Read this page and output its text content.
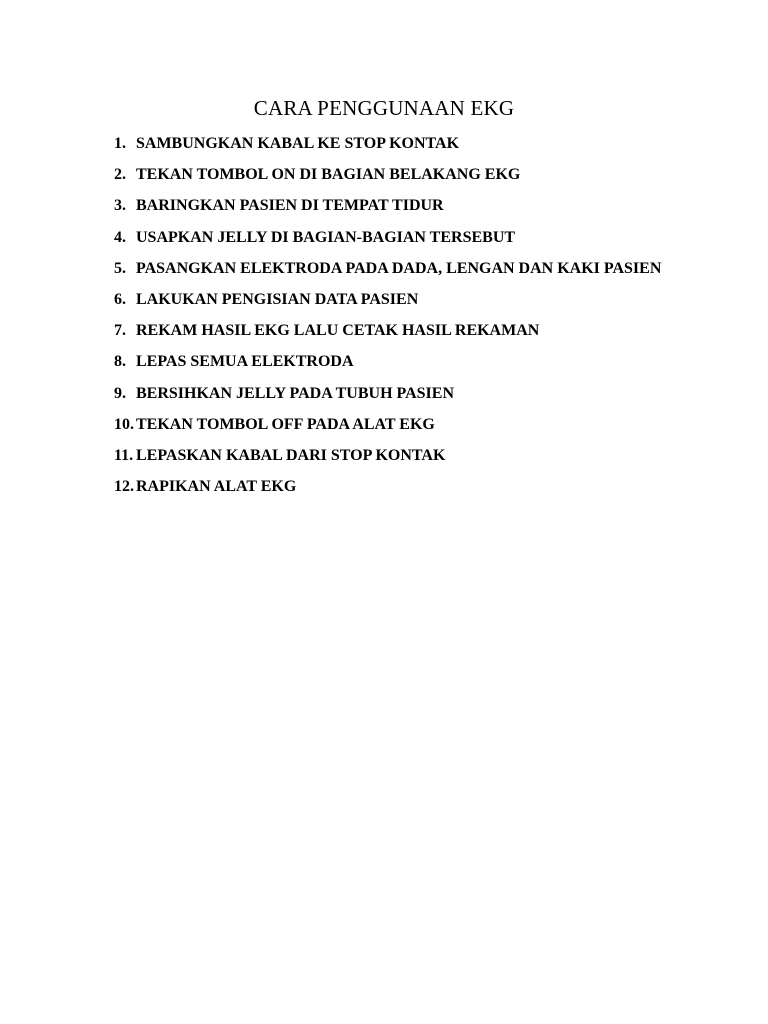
CARA PENGGUNAAN EKG
1. SAMBUNGKAN KABAL KE STOP KONTAK
2. TEKAN TOMBOL ON DI BAGIAN BELAKANG EKG
3. BARINGKAN PASIEN DI TEMPAT TIDUR
4. USAPKAN JELLY DI BAGIAN-BAGIAN TERSEBUT
5. PASANGKAN ELEKTRODA PADA DADA, LENGAN DAN KAKI PASIEN
6. LAKUKAN PENGISIAN DATA PASIEN
7. REKAM HASIL EKG LALU CETAK HASIL REKAMAN
8. LEPAS SEMUA ELEKTRODA
9. BERSIHKAN JELLY PADA TUBUH PASIEN
10. TEKAN TOMBOL OFF PADA ALAT EKG
11. LEPASKAN KABAL DARI STOP KONTAK
12. RAPIKAN ALAT EKG
